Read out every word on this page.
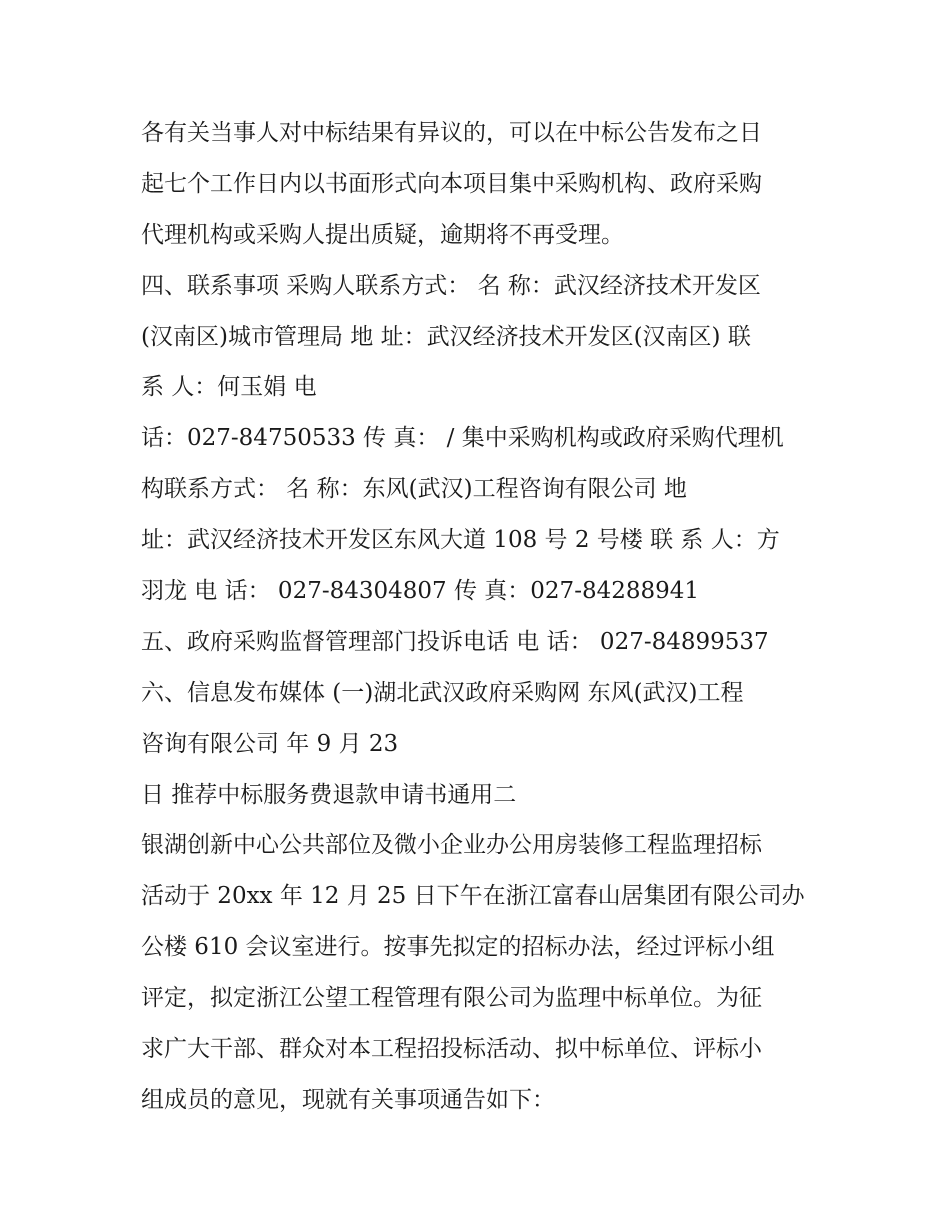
各有关当事人对中标结果有异议的，可以在中标公告发布之日
起七个工作日内以书面形式向本项目集中采购机构、政府采购
代理机构或采购人提出质疑，逾期将不再受理。
四、联系事项 采购人联系方式： 名 称：武汉经济技术开发区
(汉南区)城市管理局 地 址：武汉经济技术开发区(汉南区) 联
系 人：何玉娟 电
话：027-84750533 传 真： / 集中采购机构或政府采购代理机
构联系方式： 名 称：东风(武汉)工程咨询有限公司 地
址：武汉经济技术开发区东风大道 108 号 2 号楼 联 系 人：方
羽龙 电 话： 027-84304807 传 真：027-84288941
五、政府采购监督管理部门投诉电话 电 话： 027-84899537
六、信息发布媒体 (一)湖北武汉政府采购网 东风(武汉)工程
咨询有限公司 年 9 月 23
日 推荐中标服务费退款申请书通用二
银湖创新中心公共部位及微小企业办公用房装修工程监理招标
活动于 20xx 年 12 月 25 日下午在浙江富春山居集团有限公司办
公楼 610 会议室进行。按事先拟定的招标办法，经过评标小组
评定，拟定浙江公望工程管理有限公司为监理中标单位。为征
求广大干部、群众对本工程招投标活动、拟中标单位、评标小
组成员的意见，现就有关事项通告如下：
